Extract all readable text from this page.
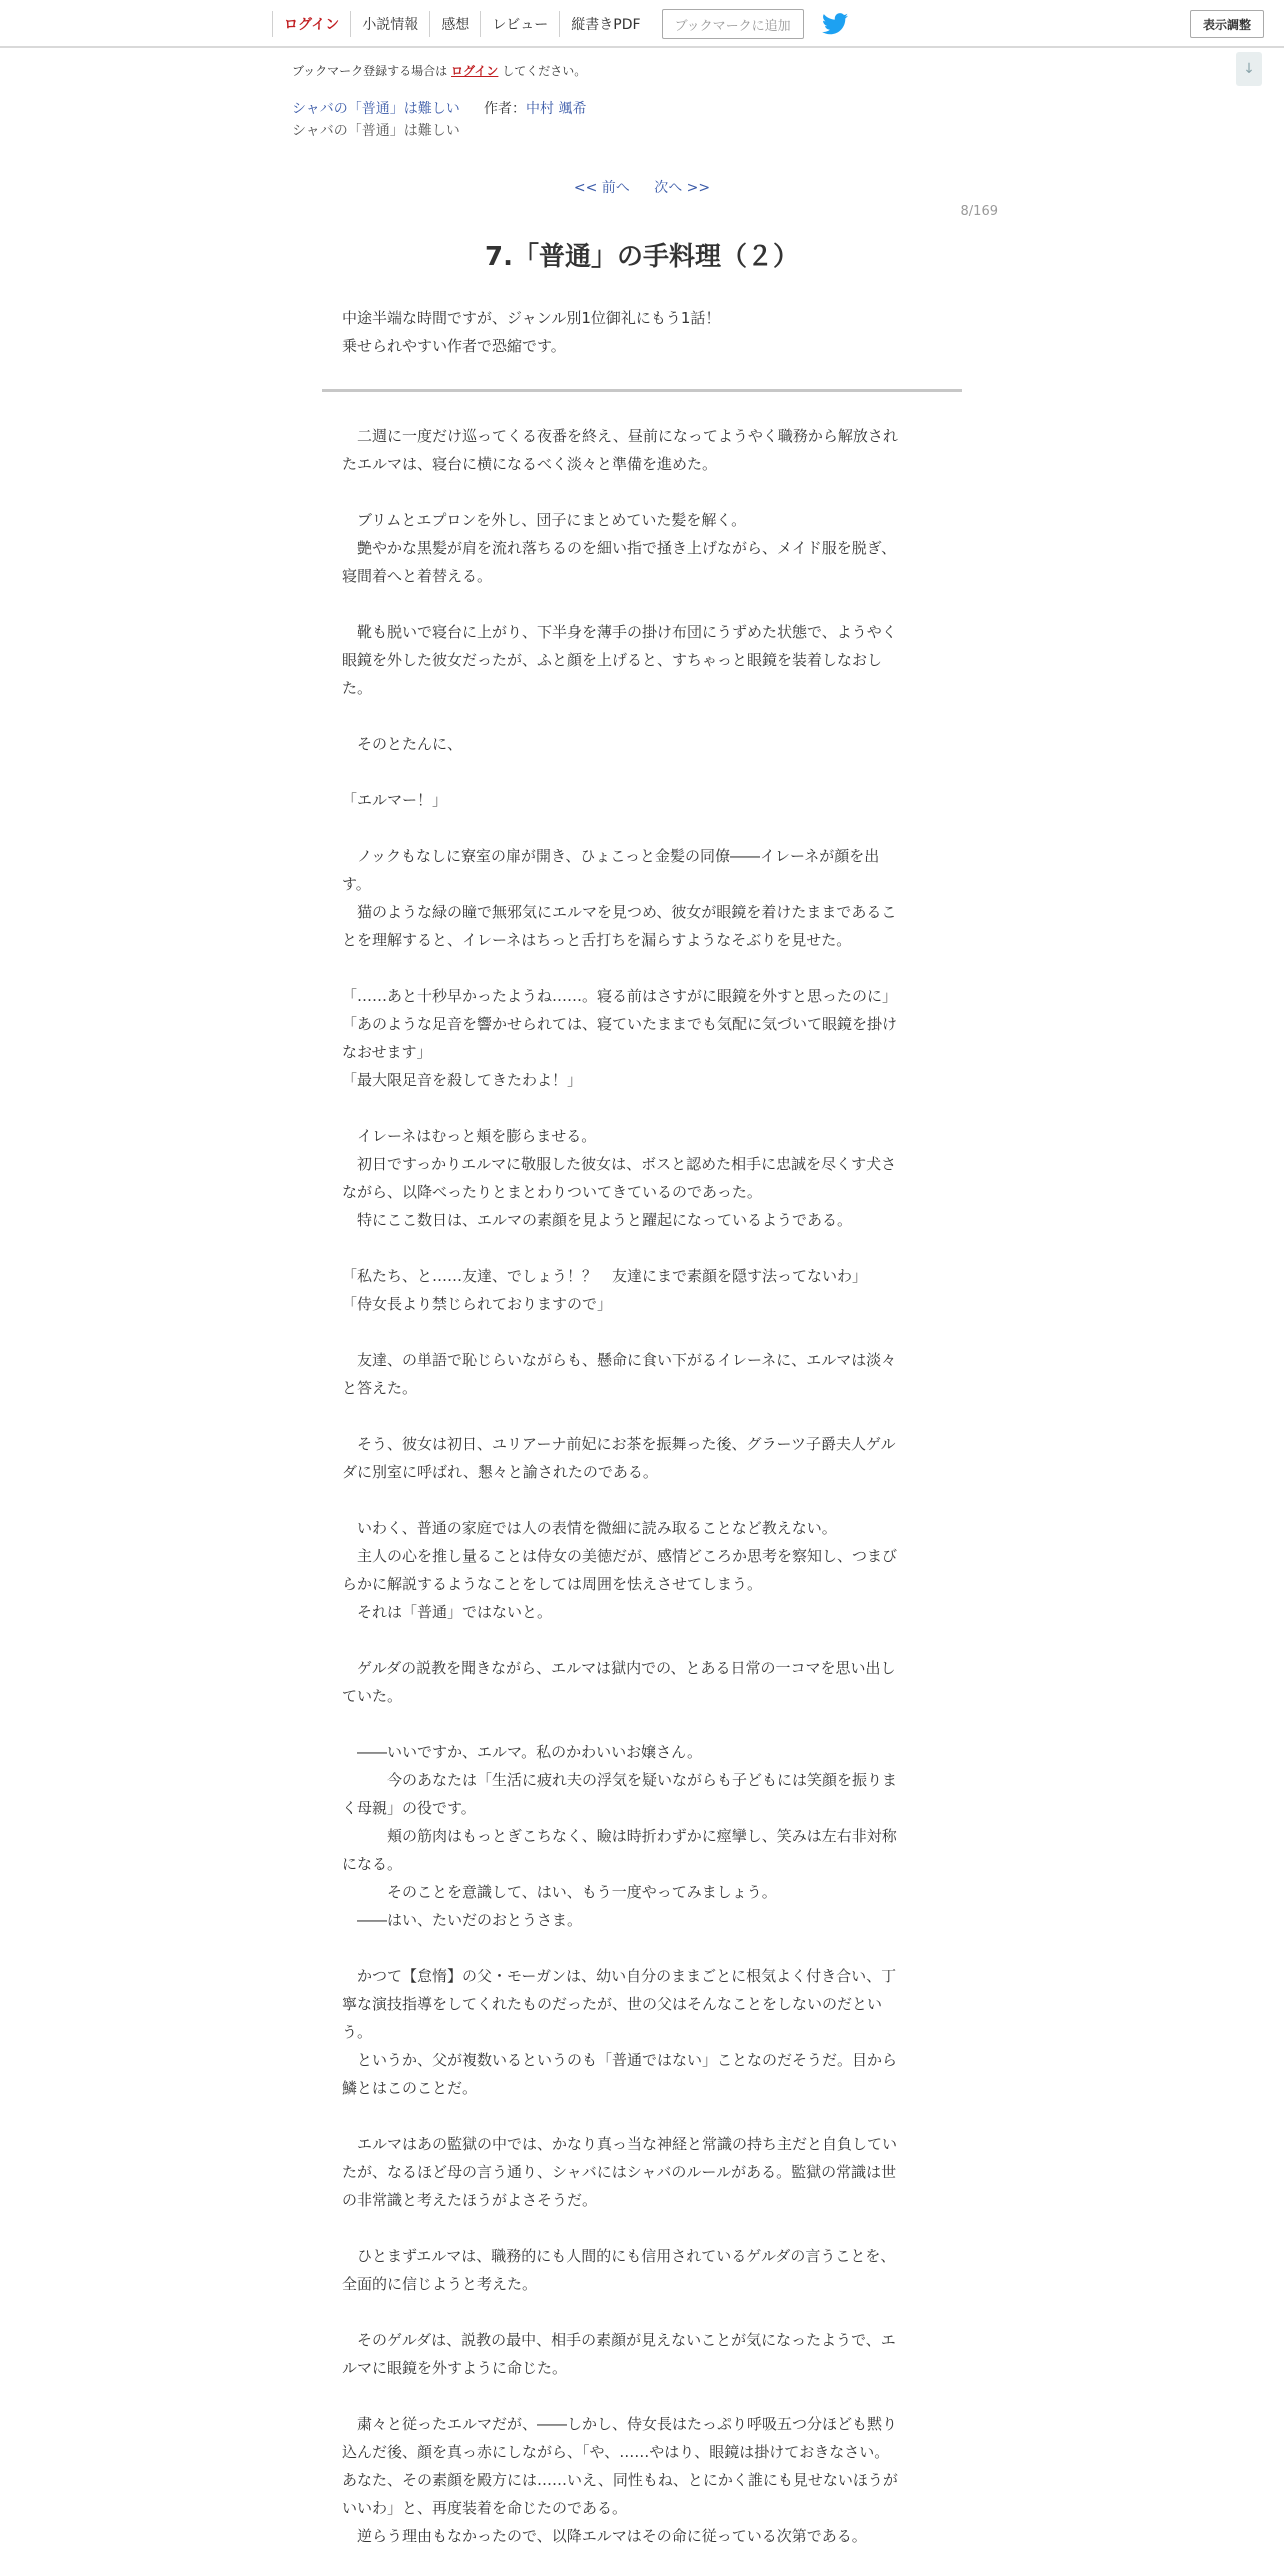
ログイン	小説情報	感想	レビュー	縦書きPDF	ブックマークに追加	表示調整
↓
ブックマーク登録する場合は ログイン してください。
シャバの「普通」は難しい 作者：中村 颯希
シャバの「普通」は難しい
<< 前へ 次へ >>
8/169
7.「普通」の手料理（２）

中途半端な時間ですが、ジャンル別1位御礼にもう1話！

乗せられやすい作者で恐縮です。

　二週に一度だけ巡ってくる夜番を終え、昼前になってようやく職務から解放され

たエルマは、寝台に横になるべく淡々と準備を進めた。

　ブリムとエプロンを外し、団子にまとめていた髪を解く。

　艶やかな黒髪が肩を流れ落ちるのを細い指で掻き上げながら、メイド服を脱ぎ、

寝間着へと着替える。

　靴も脱いで寝台に上がり、下半身を薄手の掛け布団にうずめた状態で、ようやく

眼鏡を外した彼女だったが、ふと顔を上げると、すちゃっと眼鏡を装着しなおし

た。

　そのとたんに、

「エルマー！」

　ノックもなしに寮室の扉が開き、ひょこっと金髪の同僚――イレーネが顔を出

す。

　猫のような緑の瞳で無邪気にエルマを見つめ、彼女が眼鏡を着けたままであるこ

とを理解すると、イレーネはちっと舌打ちを漏らすようなそぶりを見せた。

「……あと十秒早かったようね……。寝る前はさすがに眼鏡を外すと思ったのに」

「あのような足音を響かせられては、寝ていたままでも気配に気づいて眼鏡を掛け

なおせます」

「最大限足音を殺してきたわよ！」

　イレーネはむっと頬を膨らませる。

　初日ですっかりエルマに敬服した彼女は、ボスと認めた相手に忠誠を尽くす犬さ

ながら、以降べったりとまとわりついてきているのであった。

　特にここ数日は、エルマの素顔を見ようと躍起になっているようである。

「私たち、と……友達、でしょう！？　友達にまで素顔を隠す法ってないわ」

「侍女長より禁じられておりますので」

　友達、の単語で恥じらいながらも、懸命に食い下がるイレーネに、エルマは淡々

と答えた。

　そう、彼女は初日、ユリアーナ前妃にお茶を振舞った後、グラーツ子爵夫人ゲル

ダに別室に呼ばれ、懇々と諭されたのである。

　いわく、普通の家庭では人の表情を微細に読み取ることなど教えない。

　主人の心を推し量ることは侍女の美徳だが、感情どころか思考を察知し、つまび

らかに解説するようなことをしては周囲を怯えさせてしまう。

　それは「普通」ではないと。

　ゲルダの説教を聞きながら、エルマは獄内での、とある日常の一コマを思い出し

ていた。

　――いいですか、エルマ。私のかわいいお嬢さん。

　　　今のあなたは「生活に疲れ夫の浮気を疑いながらも子どもには笑顔を振りま

く母親」の役です。

　　　頬の筋肉はもっとぎこちなく、瞼は時折わずかに痙攣し、笑みは左右非対称

になる。

　　　そのことを意識して、はい、もう一度やってみましょう。

　――はい、たいだのおとうさま。

　かつて【怠惰】の父・モーガンは、幼い自分のままごとに根気よく付き合い、丁

寧な演技指導をしてくれたものだったが、世の父はそんなことをしないのだとい

う。

　というか、父が複数いるというのも「普通ではない」ことなのだそうだ。目から

鱗とはこのことだ。

　エルマはあの監獄の中では、かなり真っ当な神経と常識の持ち主だと自負してい

たが、なるほど母の言う通り、シャバにはシャバのルールがある。監獄の常識は世

の非常識と考えたほうがよさそうだ。

　ひとまずエルマは、職務的にも人間的にも信用されているゲルダの言うことを、

全面的に信じようと考えた。

　そのゲルダは、説教の最中、相手の素顔が見えないことが気になったようで、エ

ルマに眼鏡を外すように命じた。

　粛々と従ったエルマだが、――しかし、侍女長はたっぷり呼吸五つ分ほども黙り

込んだ後、顔を真っ赤にしながら、「や、……やはり、眼鏡は掛けておきなさい。

あなた、その素顔を殿方には……いえ、同性もね、とにかく誰にも見せないほうが

いいわ」と、再度装着を命じたのである。

　逆らう理由もなかったので、以降エルマはその命に従っている次第である。
